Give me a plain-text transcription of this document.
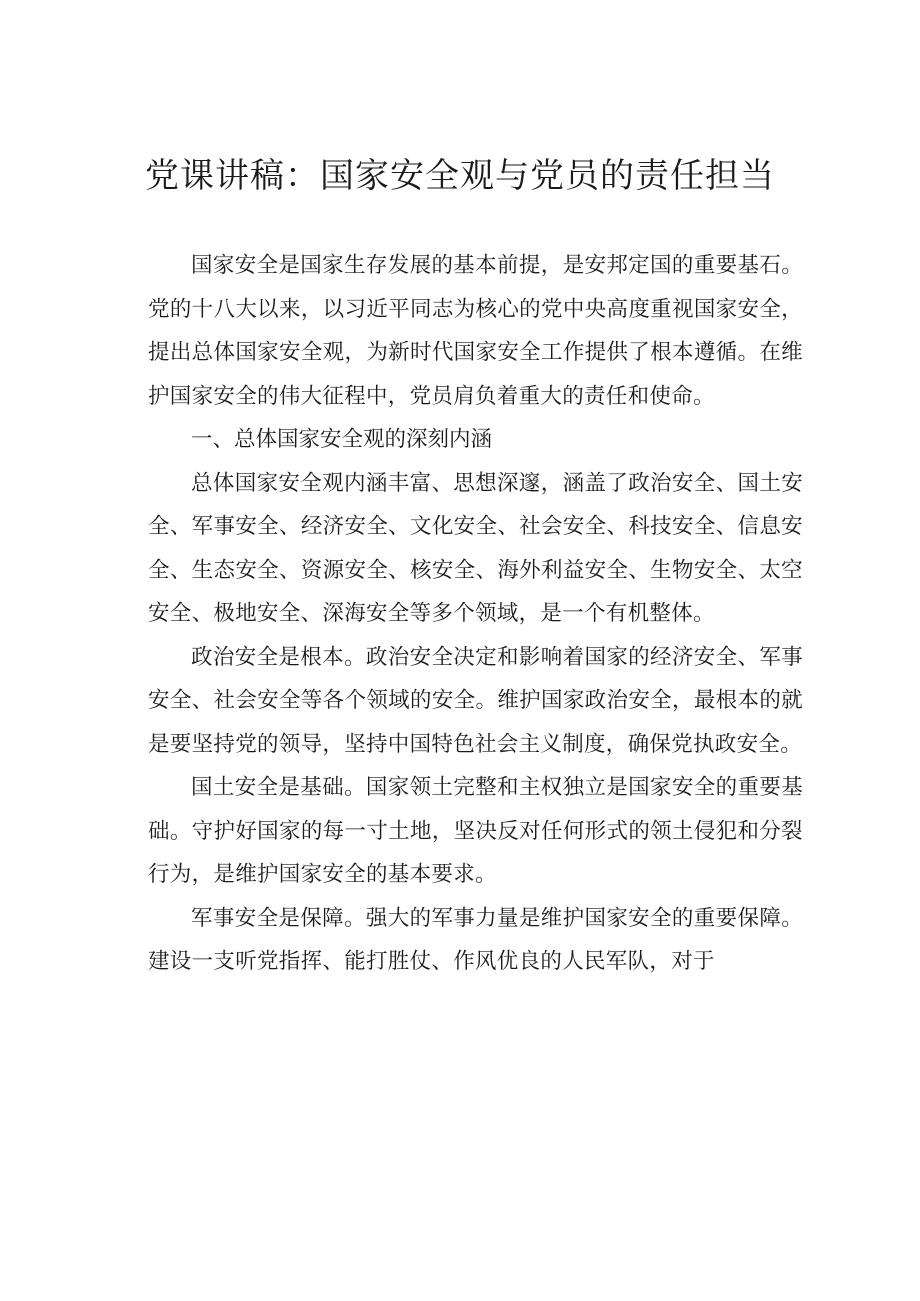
党课讲稿：国家安全观与党员的责任担当

国家安全是国家生存发展的基本前提，是安邦定国的重要基石。党的十八大以来，以习近平同志为核心的党中央高度重视国家安全，提出总体国家安全观，为新时代国家安全工作提供了根本遵循。在维护国家安全的伟大征程中，党员肩负着重大的责任和使命。

一、总体国家安全观的深刻内涵

总体国家安全观内涵丰富、思想深邃，涵盖了政治安全、国土安全、军事安全、经济安全、文化安全、社会安全、科技安全、信息安全、生态安全、资源安全、核安全、海外利益安全、生物安全、太空安全、极地安全、深海安全等多个领域，是一个有机整体。

政治安全是根本。政治安全决定和影响着国家的经济安全、军事安全、社会安全等各个领域的安全。维护国家政治安全，最根本的就是要坚持党的领导，坚持中国特色社会主义制度，确保党执政安全。

国土安全是基础。国家领土完整和主权独立是国家安全的重要基础。守护好国家的每一寸土地，坚决反对任何形式的领土侵犯和分裂行为，是维护国家安全的基本要求。

军事安全是保障。强大的军事力量是维护国家安全的重要保障。建设一支听党指挥、能打胜仗、作风优良的人民军队，对于
